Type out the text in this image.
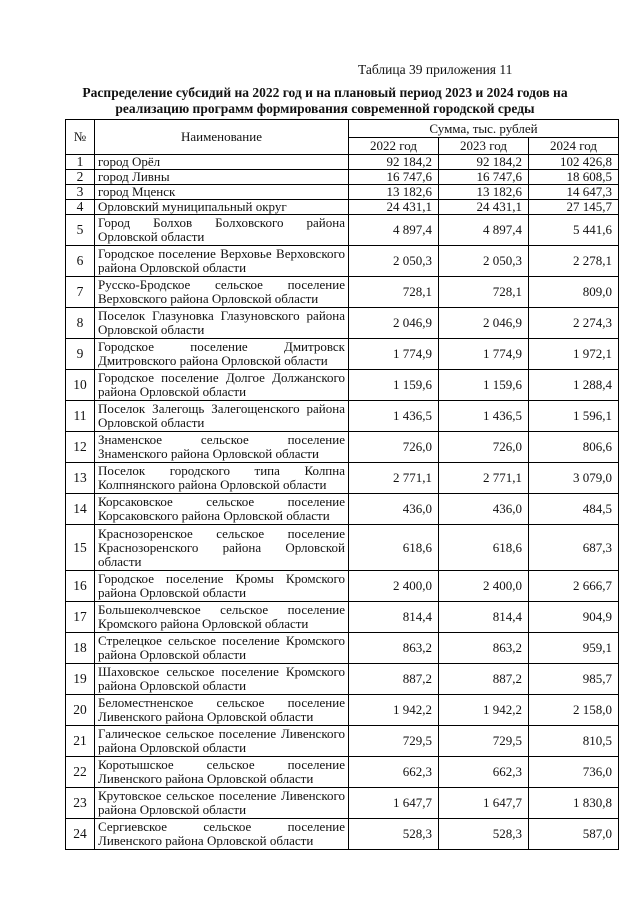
Таблица 39 приложения 11
Распределение субсидий на 2022 год и на плановый период 2023 и 2024 годов на реализацию программ формирования современной городской среды
№	Наименование	Сумма, тыс. рублей		
		2022 год	2023 год	2024 год
1	город Орёл	92 184,2	92 184,2	102 426,8
2	город Ливны	16 747,6	16 747,6	18 608,5
3	город Мценск	13 182,6	13 182,6	14 647,3
4	Орловский муниципальный округ	24 431,1	24 431,1	27 145,7
5	Город Болхов Болховского района Орловской области	4 897,4	4 897,4	5 441,6
6	Городское поселение Верховье Верховского района Орловской области	2 050,3	2 050,3	2 278,1
7	Русско-Бродское сельское поселение Верховского района Орловской области	728,1	728,1	809,0
8	Поселок Глазуновка Глазуновского района Орловской области	2 046,9	2 046,9	2 274,3
9	Городское поселение Дмитровск Дмитровского района Орловской области	1 774,9	1 774,9	1 972,1
10	Городское поселение Долгое Должанского района Орловской области	1 159,6	1 159,6	1 288,4
11	Поселок Залегощь Залегощенского района Орловской области	1 436,5	1 436,5	1 596,1
12	Знаменское сельское поселение Знаменского района Орловской области	726,0	726,0	806,6
13	Поселок городского типа Колпна Колпнянского района Орловской области	2 771,1	2 771,1	3 079,0
14	Корсаковское сельское поселение Корсаковского района Орловской области	436,0	436,0	484,5
15	Краснозоренское сельское поселение Краснозоренского района Орловской области	618,6	618,6	687,3
16	Городское поселение Кромы Кромского района Орловской области	2 400,0	2 400,0	2 666,7
17	Большеколчевское сельское поселение Кромского района Орловской области	814,4	814,4	904,9
18	Стрелецкое сельское поселение Кромского района Орловской области	863,2	863,2	959,1
19	Шаховское сельское поселение Кромского района Орловской области	887,2	887,2	985,7
20	Беломестненское сельское поселение Ливенского района Орловской области	1 942,2	1 942,2	2 158,0
21	Галическое сельское поселение Ливенского района Орловской области	729,5	729,5	810,5
22	Коротышское сельское поселение Ливенского района Орловской области	662,3	662,3	736,0
23	Крутовское сельское поселение Ливенского района Орловской области	1 647,7	1 647,7	1 830,8
24	Сергиевское сельское поселение Ливенского района Орловской области	528,3	528,3	587,0
